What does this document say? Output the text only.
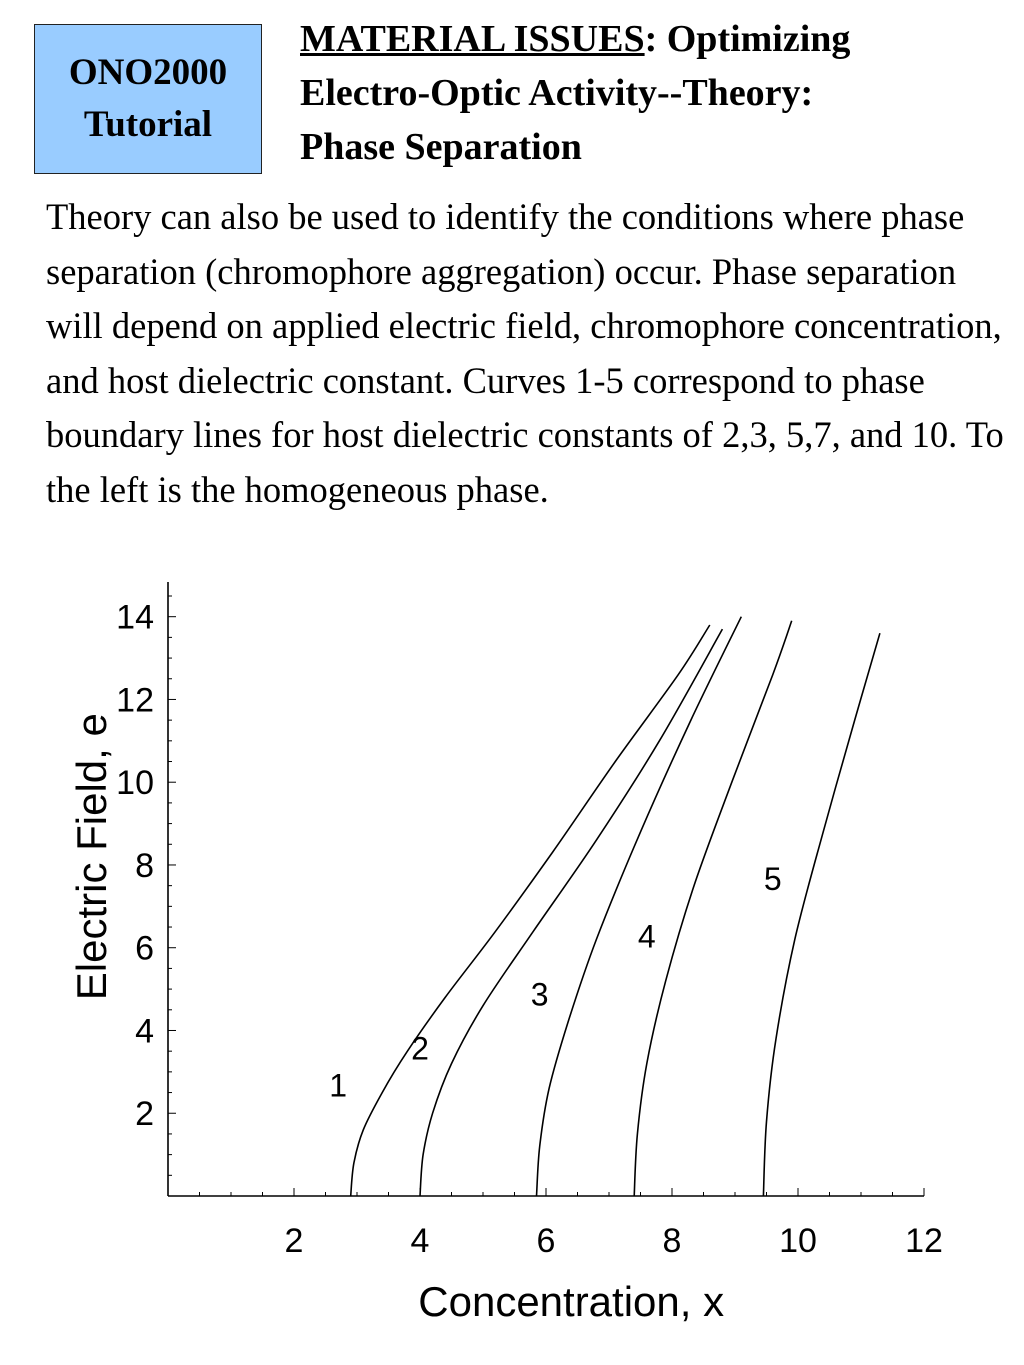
ONO2000
Tutorial
MATERIAL ISSUES: Optimizing
Electro-Optic Activity--Theory:
Phase Separation

Theory can also be used to identify the conditions where phase separation (chromophore aggregation) occur. Phase separation will depend on applied electric field, chromophore concentration, and host dielectric constant. Curves 1-5 correspond to phase boundary lines for host dielectric constants of 2,3, 5,7, and 10. To the left is the homogeneous phase.

2	4	6	8	10	12
2
4
6
8
10
12
14
Concentration, x
Electric Field, e
1
2
3
4
5
